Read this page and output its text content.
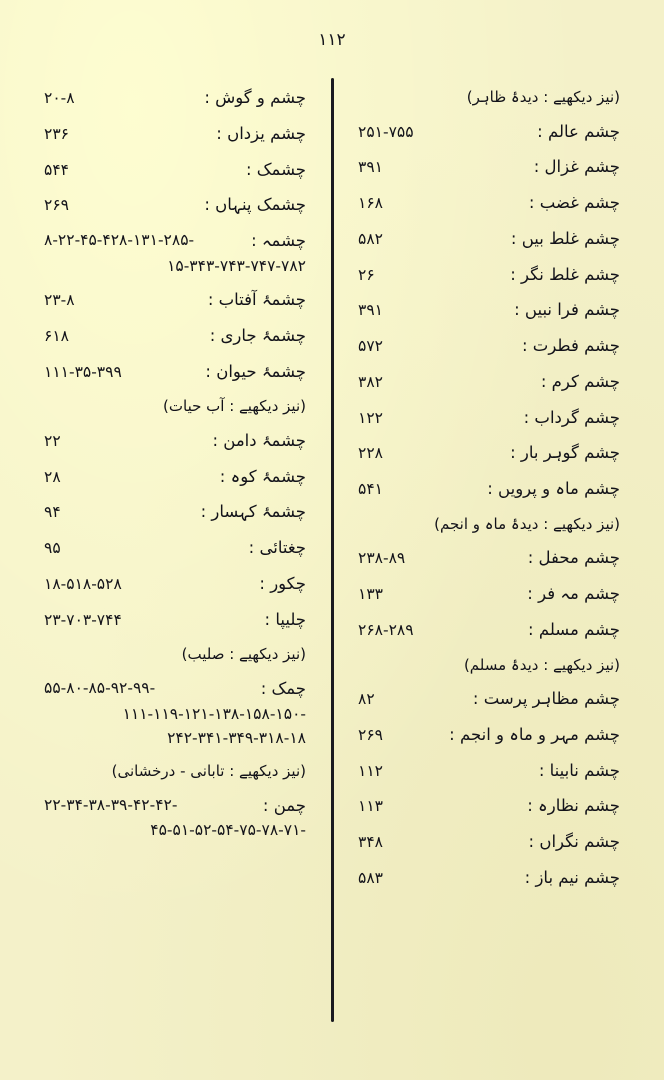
۱۱۲
(نیز دیکھیے : دیدۂ ظاہر)
چشم عالم :
۲۵۱-۷۵۵
چشم غزال :
۳۹۱
چشم غضب :
۱۶۸
چشم غلط بیں :
۵۸۲
چشم غلط نگر :
۲۶
چشم فرا نبیں :
۳۹۱
چشم فطرت :
۵۷۲
چشم کرم :
۳۸۲
چشم گرداب :
۱۲۲
چشم گوہر بار :
۲۲۸
چشم ماہ و پرویں :
۵۴۱
(نیز دیکھیے : دیدۂ ماہ و انجم)
چشم محفل :
۲۳۸-۸۹
چشم مہ فر :
۱۳۳
چشم مسلم :
۲۶۸-۲۸۹
(نیز دیکھیے : دیدۂ مسلم)
چشم مظاہر پرست :
۸۲
چشم مہر و ماہ و انجم :
۲۶۹
چشم نابینا :
۱۱۲
چشم نظارہ :
۱۱۳
چشم نگراں :
۳۴۸
چشم نیم باز :
۵۸۳
چشم و گوش :
۲۰-۸
چشم یزداں :
۲۳۶
چشمک :
۵۴۴
چشمک پنہاں :
۲۶۹
چشمہ :
۸-۲۲-۴۵-۴۲۸-۱۳۱-۲۸۵-
۱۵-۳۴۳-۷۴۳-۷۴۷-۷۸۲
چشمۂ آفتاب :
۲۳-۸
چشمۂ جاری :
۶۱۸
چشمۂ حیوان :
۱۱۱-۳۵-۳۹۹
(نیز دیکھیے : آب حیات)
چشمۂ دامن :
۲۲
چشمۂ کوہ :
۲۸
چشمۂ کہسار :
۹۴
چغتائی :
۹۵
چکور :
۱۸-۵۱۸-۵۲۸
چلیپا :
۲۳-۷۰۳-۷۴۴
(نیز دیکھیے : صلیب)
چمک :
۵۵-۸۰-۸۵-۹۲-۹۹-
۱۱۱-۱۱۹-۱۲۱-۱۳۸-۱۵۸-۱۵۰-
۲۴۲-۳۴۱-۳۴۹-۳۱۸-۱۸
(نیز دیکھیے : تابانی - درخشانی)
چمن :
۲۲-۳۴-۳۸-۳۹-۴۲-۴۲-
۴۵-۵۱-۵۲-۵۴-۷۵-۷۸-۷۱-
